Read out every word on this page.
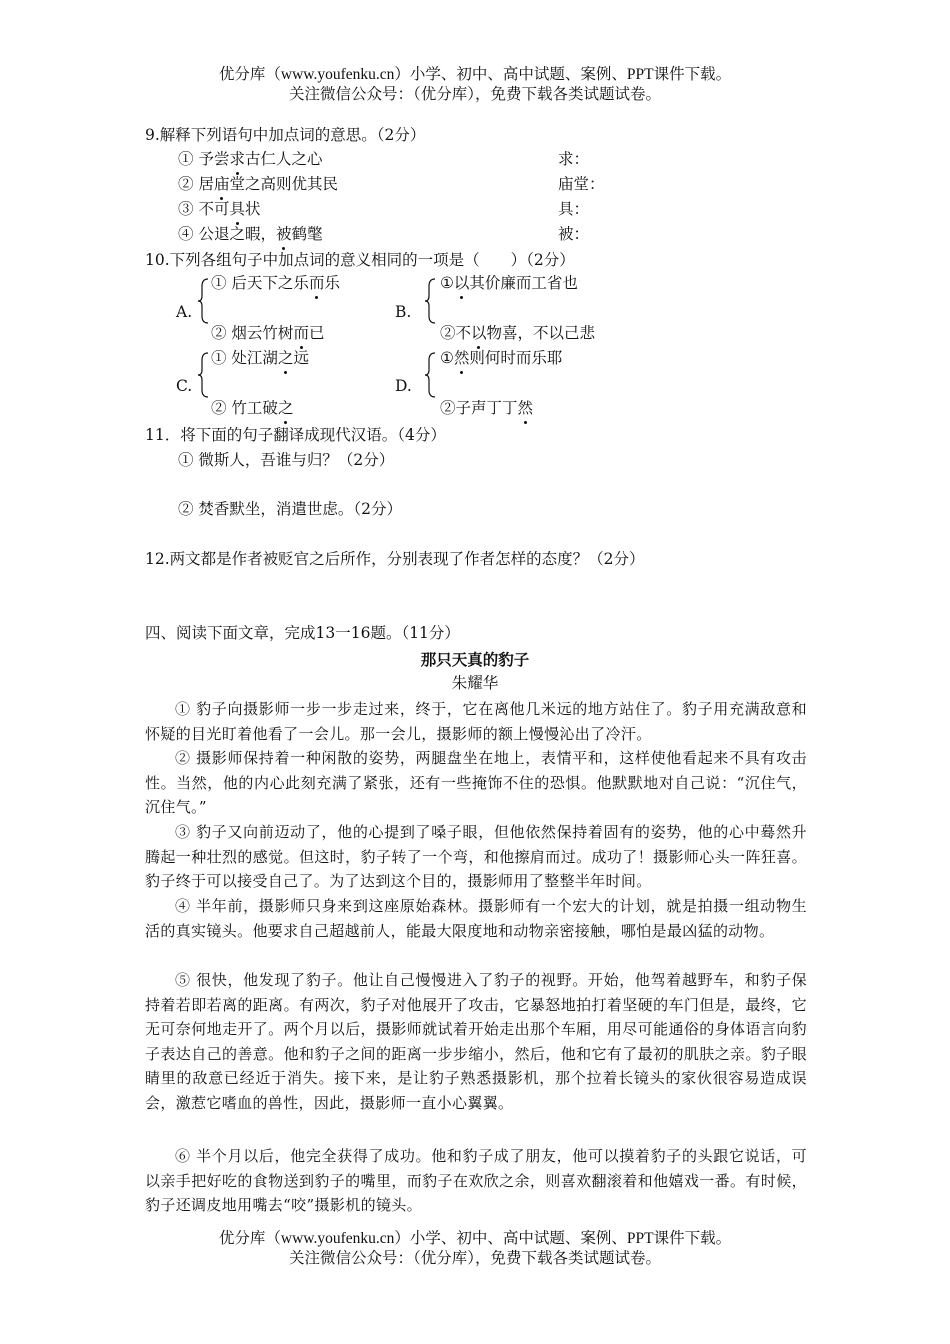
优分库（www.youfenku.cn）小学、初中、高中试题、案例、PPT课件下载。
关注微信公众号：（优分库），免费下载各类试题试卷。
9.解释下列语句中加点词的意思。（2分）
① 予尝求古仁人之心	求：
② 居庙堂之高则优其民	庙堂：
③ 不可具状	具：
④ 公退之暇，被鹤氅	被：
10.下列各组句子中加点词的意义相同的一项是（　　）（2分）
A.
① 后天下之乐而乐
② 烟云竹树而已
B.
①以其价廉而工省也
②不以物喜，不以己悲
C.
① 处江湖之远
② 竹工破之
D.
①然则何时而乐耶
②子声丁丁然
11．将下面的句子翻译成现代汉语。（4分）
① 微斯人，吾谁与归？（2分）
② 焚香默坐，消遣世虑。（2分）
12.两文都是作者被贬官之后所作，分别表现了作者怎样的态度？（2分）
四、阅读下面文章，完成13一16题。（11分）
那只天真的豹子
朱耀华
① 豹子向摄影师一步一步走过来，终于，它在离他几米远的地方站住了。豹子用充满敌意和怀疑的目光盯着他看了一会儿。那一会儿，摄影师的额上慢慢沁出了冷汗。
② 摄影师保持着一种闲散的姿势，两腿盘坐在地上，表情平和，这样使他看起来不具有攻击性。当然，他的内心此刻充满了紧张，还有一些掩饰不住的恐惧。他默默地对自己说：“沉住气，沉住气。”
③ 豹子又向前迈动了，他的心提到了嗓子眼，但他依然保持着固有的姿势，他的心中蓦然升腾起一种壮烈的感觉。但这时，豹子转了一个弯，和他擦肩而过。成功了！摄影师心头一阵狂喜。豹子终于可以接受自己了。为了达到这个目的，摄影师用了整整半年时间。
④ 半年前，摄影师只身来到这座原始森林。摄影师有一个宏大的计划，就是拍摄一组动物生活的真实镜头。他要求自己超越前人，能最大限度地和动物亲密接触，哪怕是最凶猛的动物。
⑤ 很快，他发现了豹子。他让自己慢慢进入了豹子的视野。开始，他驾着越野车，和豹子保持着若即若离的距离。有两次，豹子对他展开了攻击，它暴怒地拍打着坚硬的车门但是，最终，它无可奈何地走开了。两个月以后，摄影师就试着开始走出那个车厢，用尽可能通俗的身体语言向豹子表达自己的善意。他和豹子之间的距离一步步缩小，然后，他和它有了最初的肌肤之亲。豹子眼睛里的敌意已经近于消失。接下来，是让豹子熟悉摄影机，那个拉着长镜头的家伙很容易造成误会，激惹它嗜血的兽性，因此，摄影师一直小心翼翼。
⑥ 半个月以后，他完全获得了成功。他和豹子成了朋友，他可以摸着豹子的头跟它说话，可以亲手把好吃的食物送到豹子的嘴里，而豹子在欢欣之余，则喜欢翻滚着和他嬉戏一番。有时候，豹子还调皮地用嘴去“咬”摄影机的镜头。
优分库（www.youfenku.cn）小学、初中、高中试题、案例、PPT课件下载。
关注微信公众号：（优分库），免费下载各类试题试卷。
